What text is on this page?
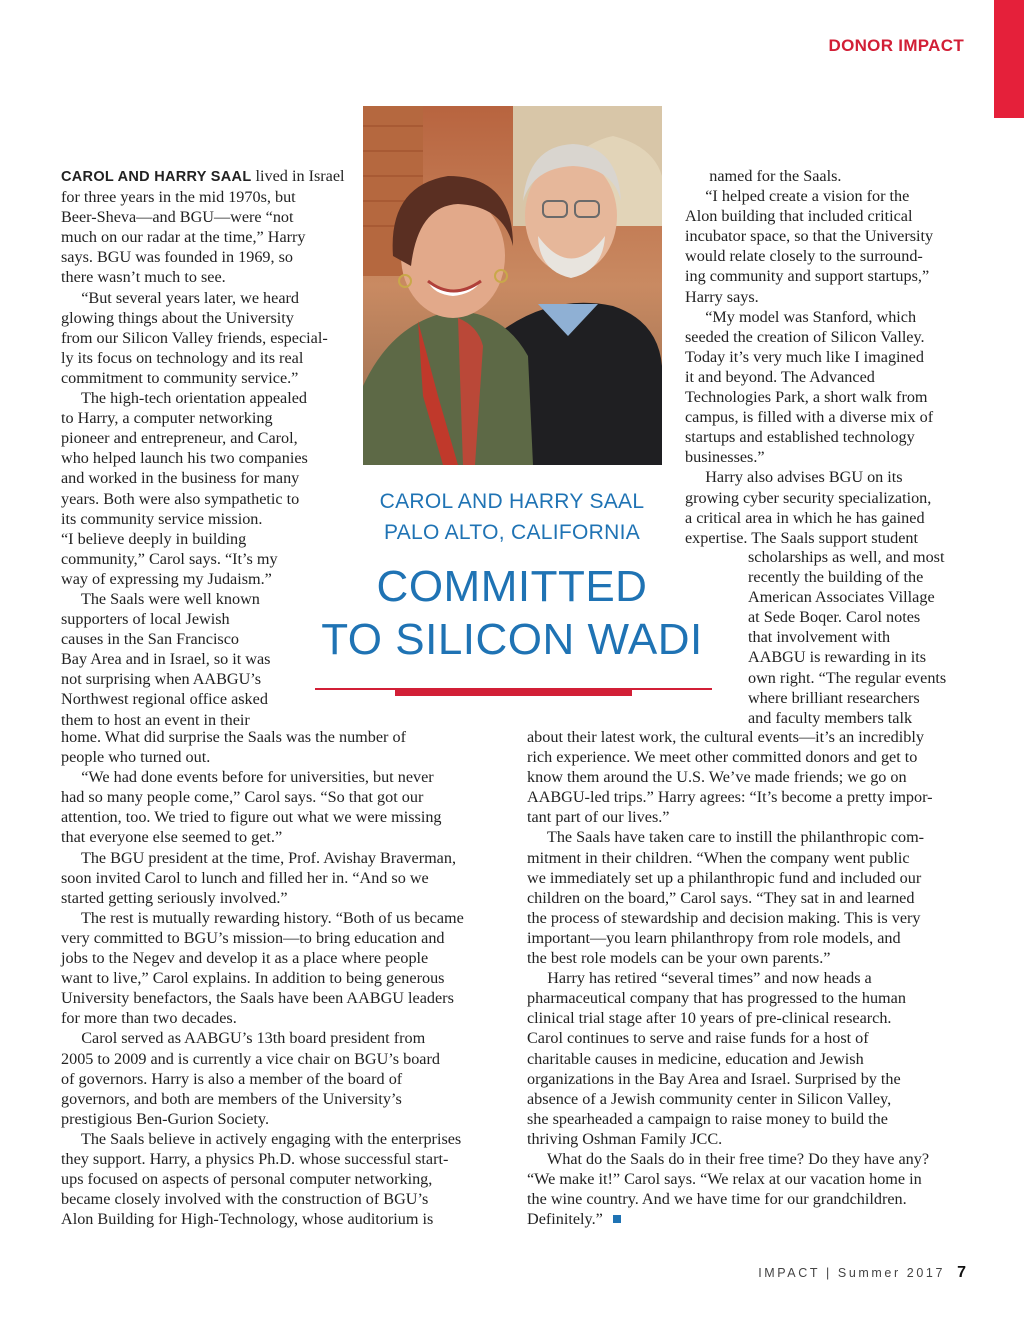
DONOR IMPACT
CAROL AND HARRY SAAL
PALO ALTO, CALIFORNIA
COMMITTED
TO SILICON WADI

CAROL AND HARRY SAAL lived in Israel
for three years in the mid 1970s, but
Beer-Sheva—and BGU—were “not
much on our radar at the time,” Harry
says. BGU was founded in 1969, so
there wasn’t much to see.
“But several years later, we heard
glowing things about the University
from our Silicon Valley friends, especial-
ly its focus on technology and its real
commitment to community service.”
The high-tech orientation appealed
to Harry, a computer networking
pioneer and entrepreneur, and Carol,
who helped launch his two companies
and worked in the business for many
years. Both were also sympathetic to
its community service mission.
“I believe deeply in building
community,” Carol says. “It’s my
way of expressing my Judaism.”
The Saals were well known
supporters of local Jewish
causes in the San Francisco
Bay Area and in Israel, so it was
not surprising when AABGU’s
Northwest regional office asked
them to host an event in their

home. What did surprise the Saals was the number of
people who turned out.
“We had done events before for universities, but never
had so many people come,” Carol says. “So that got our
attention, too. We tried to figure out what we were missing
that everyone else seemed to get.”
The BGU president at the time, Prof. Avishay Braverman,
soon invited Carol to lunch and filled her in. “And so we
started getting seriously involved.”
The rest is mutually rewarding history. “Both of us became
very committed to BGU’s mission—to bring education and
jobs to the Negev and develop it as a place where people
want to live,” Carol explains. In addition to being generous
University benefactors, the Saals have been AABGU leaders
for more than two decades.
Carol served as AABGU’s 13th board president from
2005 to 2009 and is currently a vice chair on BGU’s board
of governors. Harry is also a member of the board of
governors, and both are members of the University’s
prestigious Ben-Gurion Society.
The Saals believe in actively engaging with the enterprises
they support. Harry, a physics Ph.D. whose successful start-
ups focused on aspects of personal computer networking,
became closely involved with the construction of BGU’s
Alon Building for High-Technology, whose auditorium is

named for the Saals.
“I helped create a vision for the
Alon building that included critical
incubator space, so that the University
would relate closely to the surround-
ing community and support startups,”
Harry says.
“My model was Stanford, which
seeded the creation of Silicon Valley.
Today it’s very much like I imagined
it and beyond. The Advanced
Technologies Park, a short walk from
campus, is filled with a diverse mix of
startups and established technology
businesses.”
Harry also advises BGU on its
growing cyber security specialization,
a critical area in which he has gained
expertise. The Saals support student

scholarships as well, and most
recently the building of the
American Associates Village
at Sede Boqer. Carol notes
that involvement with
AABGU is rewarding in its
own right. “The regular events
where brilliant researchers
and faculty members talk

about their latest work, the cultural events—it’s an incredibly
rich experience. We meet other committed donors and get to
know them around the U.S. We’ve made friends; we go on
AABGU-led trips.” Harry agrees: “It’s become a pretty impor-
tant part of our lives.”
The Saals have taken care to instill the philanthropic com-
mitment in their children. “When the company went public
we immediately set up a philanthropic fund and included our
children on the board,” Carol says. “They sat in and learned
the process of stewardship and decision making. This is very
important—you learn philanthropy from role models, and
the best role models can be your own parents.”
Harry has retired “several times” and now heads a
pharmaceutical company that has progressed to the human
clinical trial stage after 10 years of pre-clinical research.
Carol continues to serve and raise funds for a host of
charitable causes in medicine, education and Jewish
organizations in the Bay Area and Israel. Surprised by the
absence of a Jewish community center in Silicon Valley,
she spearheaded a campaign to raise money to build the
thriving Oshman Family JCC.
What do the Saals do in their free time? Do they have any?
“We make it!” Carol says. “We relax at our vacation home in
the wine country. And we have time for our grandchildren.
Definitely.”

IMPACT | Summer 2017 7
